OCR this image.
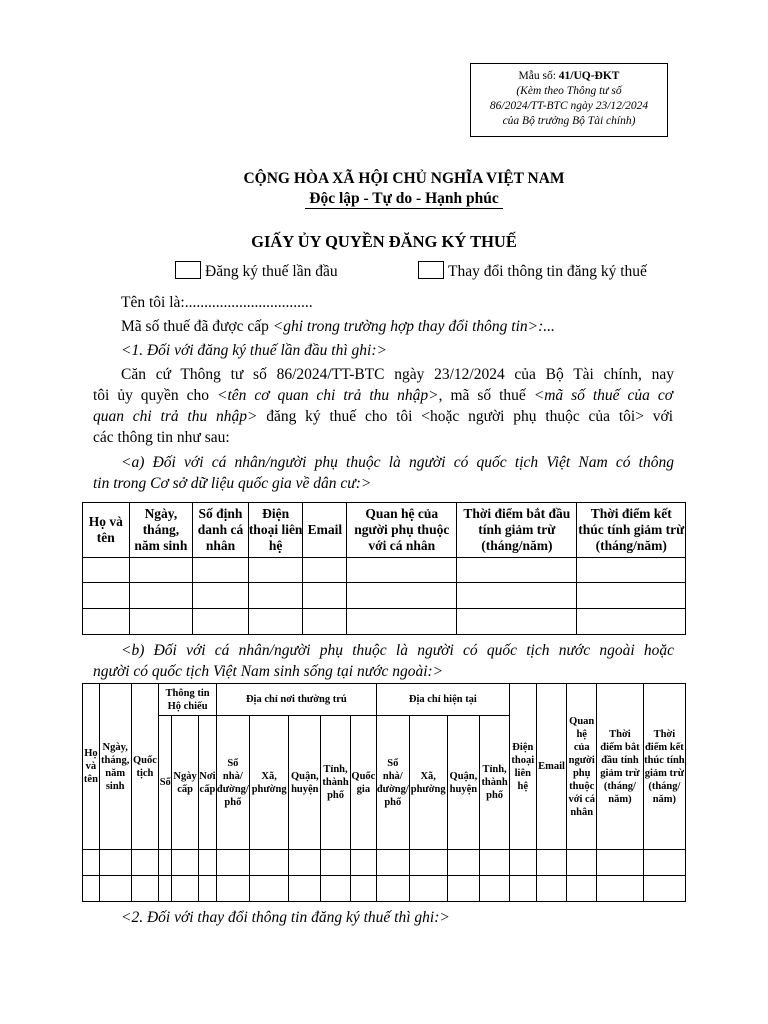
Mẫu số: 41/UQ-ĐKT
(Kèm theo Thông tư số
86/2024/TT-BTC ngày 23/12/2024
của Bộ trưởng Bộ Tài chính)
CỘNG HÒA XÃ HỘI CHỦ NGHĨA VIỆT NAM
Độc lập - Tự do - Hạnh phúc
GIẤY ỦY QUYỀN ĐĂNG KÝ THUẾ
Đăng ký thuế lần đầu	Thay đổi thông tin đăng ký thuế
Tên tôi là:.................................
Mã số thuế đã được cấp <ghi trong trường hợp thay đổi thông tin>:...
<1. Đối với đăng ký thuế lần đầu thì ghi:>
Căn cứ Thông tư số 86/2024/TT-BTC ngày 23/12/2024 của Bộ Tài chính, nay
tôi ủy quyền cho <tên cơ quan chi trả thu nhập>, mã số thuế <mã số thuế của cơ
quan chi trả thu nhập> đăng ký thuế cho tôi <hoặc người phụ thuộc của tôi> với
các thông tin như sau:
<a) Đối với cá nhân/người phụ thuộc là người có quốc tịch Việt Nam có thông
tin trong Cơ sở dữ liệu quốc gia về dân cư:>
Họ và tên	Ngày, tháng, năm sinh	Số định danh cá nhân	Điện thoại liên hệ	Email	Quan hệ của người phụ thuộc với cá nhân	Thời điểm bắt đầu tính giảm trừ (tháng/năm)	Thời điểm kết thúc tính giảm trừ (tháng/năm)

<b) Đối với cá nhân/người phụ thuộc là người có quốc tịch nước ngoài hoặc
người có quốc tịch Việt Nam sinh sống tại nước ngoài:>
Họ và tên	Ngày, tháng, năm sinh	Quốc tịch	Thông tin Hộ chiếu			Địa chỉ nơi thường trú					Địa chỉ hiện tại				Điện thoại liên hệ	Email	Quan hệ của người phụ thuộc với cá nhân	Thời điểm bắt đầu tính giảm trừ (tháng/ năm)	Thời điểm kết thúc tính giảm trừ (tháng/ năm)
			Số	Ngày cấp	Nơi cấp	Số nhà/ đường/ phố	Xã, phường	Quận, huyện	Tỉnh, thành phố	Quốc gia	Số nhà/ đường/ phố	Xã, phường	Quận, huyện	Tỉnh, thành phố					

<2. Đối với thay đổi thông tin đăng ký thuế thì ghi:>
